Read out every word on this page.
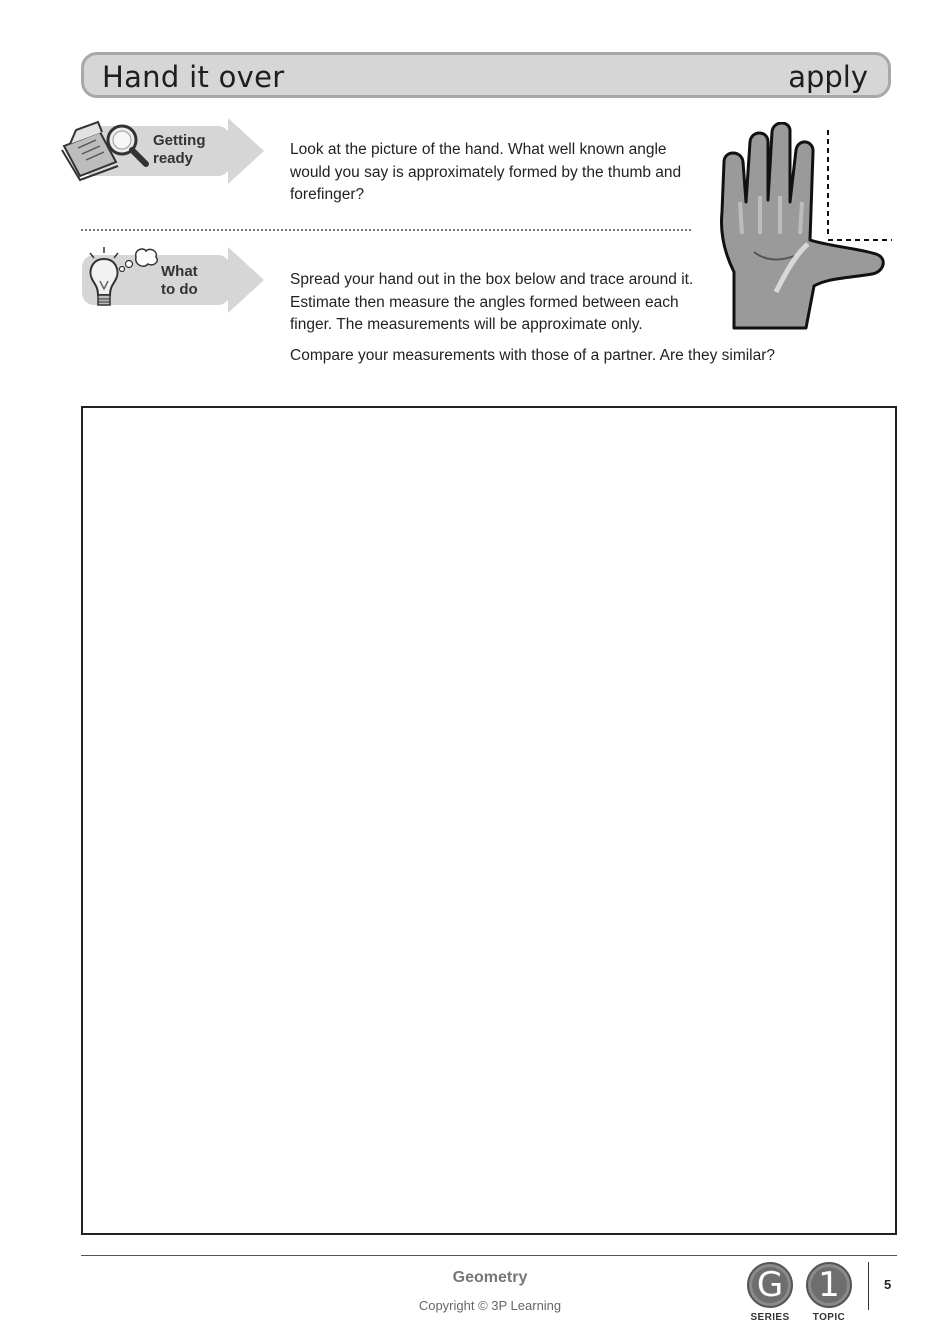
Hand it over	apply
Getting
ready
Look at the picture of the hand. What well known angle would you say is approximately formed by the thumb and forefinger?
What
to do
Spread your hand out in the box below and trace around it. Estimate then measure the angles formed between each finger. The measurements will be approximate only.
Compare your measurements with those of a partner. Are they similar?
Geometry
Copyright © 3P Learning
G
SERIES
1
TOPIC
5
